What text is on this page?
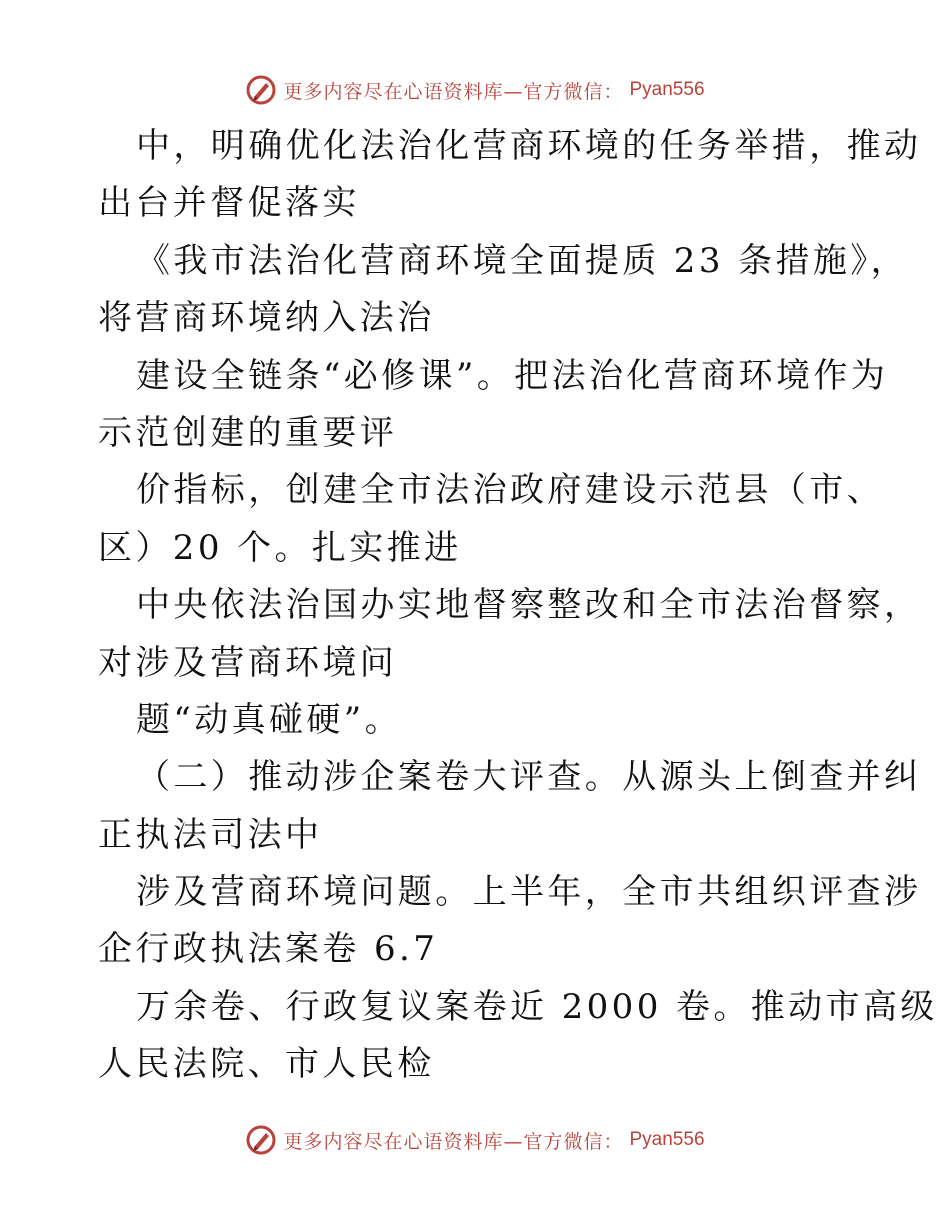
更多内容尽在心语资料库—官方微信： Pyan556
中，明确优化法治化营商环境的任务举措，推动
出台并督促落实
《我市法治化营商环境全面提质 23 条措施》，
将营商环境纳入法治
建设全链条“必修课”。把法治化营商环境作为
示范创建的重要评
价指标，创建全市法治政府建设示范县（市、
区）20 个。扎实推进
中央依法治国办实地督察整改和全市法治督察，
对涉及营商环境问
题“动真碰硬”。
（二）推动涉企案卷大评查。从源头上倒查并纠
正执法司法中
涉及营商环境问题。上半年，全市共组织评查涉
企行政执法案卷 6.7
万余卷、行政复议案卷近 2000 卷。推动市高级
人民法院、市人民检
更多内容尽在心语资料库—官方微信： Pyan556
